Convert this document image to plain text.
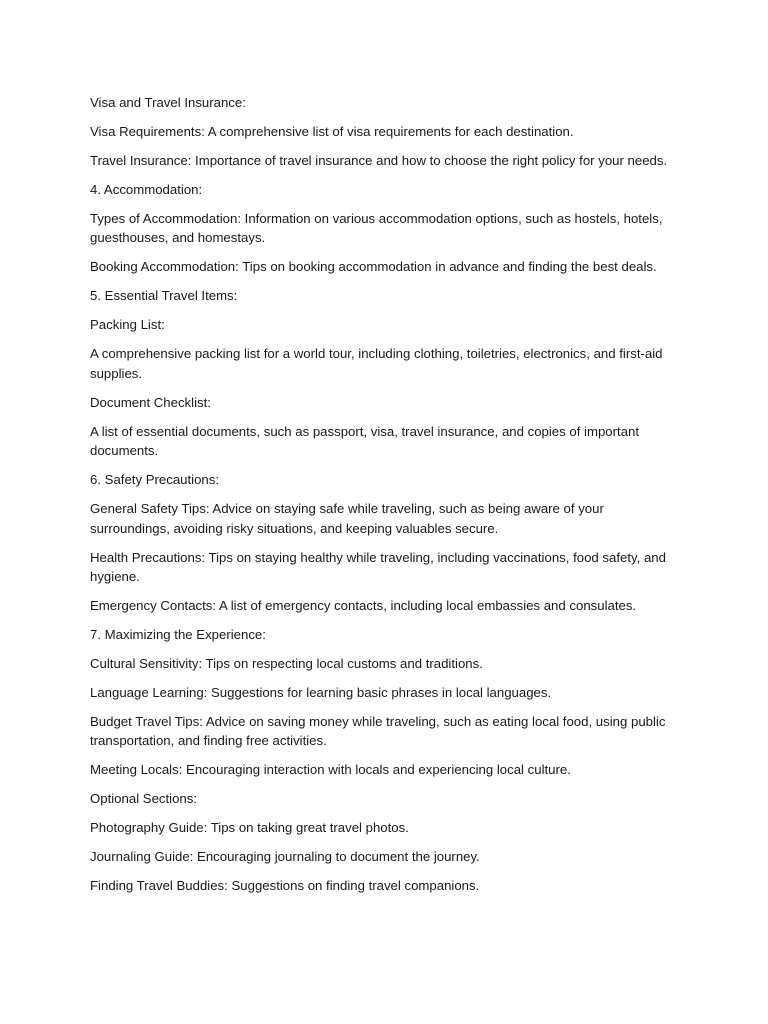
Visa and Travel Insurance:

Visa Requirements: A comprehensive list of visa requirements for each destination.

Travel Insurance: Importance of travel insurance and how to choose the right policy for your needs.

4. Accommodation:

Types of Accommodation: Information on various accommodation options, such as hostels, hotels, guesthouses, and homestays.

Booking Accommodation: Tips on booking accommodation in advance and finding the best deals.

5. Essential Travel Items:

Packing List:

A comprehensive packing list for a world tour, including clothing, toiletries, electronics, and first-aid supplies.

Document Checklist:

A list of essential documents, such as passport, visa, travel insurance, and copies of important documents.

6. Safety Precautions:

General Safety Tips: Advice on staying safe while traveling, such as being aware of your surroundings, avoiding risky situations, and keeping valuables secure.

Health Precautions: Tips on staying healthy while traveling, including vaccinations, food safety, and hygiene.

Emergency Contacts: A list of emergency contacts, including local embassies and consulates.

7. Maximizing the Experience:

Cultural Sensitivity: Tips on respecting local customs and traditions.

Language Learning: Suggestions for learning basic phrases in local languages.

Budget Travel Tips: Advice on saving money while traveling, such as eating local food, using public transportation, and finding free activities.

Meeting Locals: Encouraging interaction with locals and experiencing local culture.

Optional Sections:

Photography Guide: Tips on taking great travel photos.

Journaling Guide: Encouraging journaling to document the journey.

Finding Travel Buddies: Suggestions on finding travel companions.
